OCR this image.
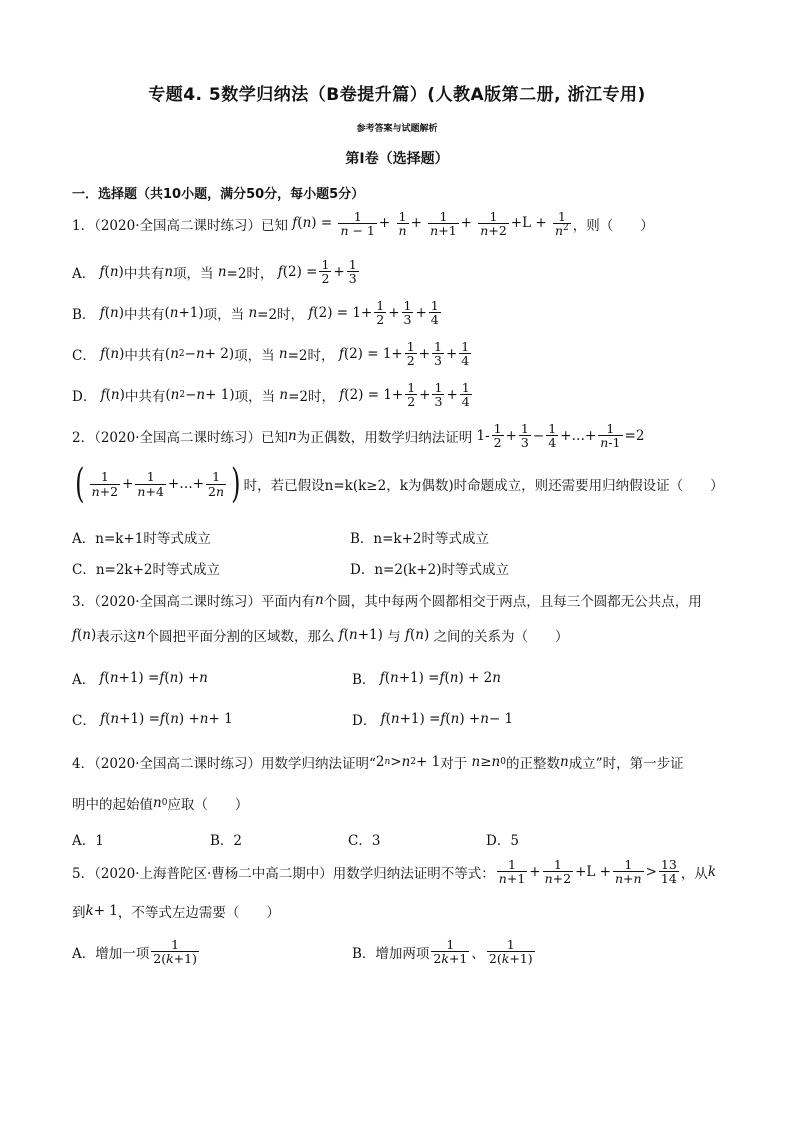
专题4. 5数学归纳法（B卷提升篇）(人教A版第二册, 浙江专用)
参考答案与试题解析
第Ⅰ卷（选择题）
一．选择题（共10小题，满分50分，每小题5分）
1．（2020·全国高二课时练习）已知 $f(n) = \frac{1}{n - 1} + \frac{1}{n} + \frac{1}{n+1} + \frac{1}{n+2} +L + \frac{1}{n^2}$ ，则（　　）
A．
f ( n ) 中共有 n 项，当
n =2时，
f $(2) = \frac{1}{2} + \frac{1}{3}$
B．
f ( n ) 中共有 ( n +1) 项，当
n =2时，
f $(2) = 1+ \frac{1}{2} + \frac{1}{3} + \frac{1}{4}$
C．
f ( n ) 中共有 ( n 2 − n + 2) 项，当
n =2时，
f $(2) = 1+ \frac{1}{2} + \frac{1}{3} + \frac{1}{4}$
D．
f ( n ) 中共有 ( n 2 − n + 1) 项，当
n =2时，
f $(2) = 1+ \frac{1}{2} + \frac{1}{3} + \frac{1}{4}$
2．（2020·全国高二课时练习）已知 n 为正偶数，用数学归纳法证明 $1- \frac{1}{2} + \frac{1}{3} - \frac{1}{4}$ +…+ $\frac{1}{n-1} =2$
( $\frac{1}{n+2} + \frac{1}{n+4}$ +…+ $\frac{1}{2n}$ ) 时，若已假设 n=k(k≥2，k为偶数)时命题成立，则还需要用归纳假设证（　　）
A．n=k+1时等式成立	B．n=k+2时等式成立
C．n=2k+2时等式成立	D．n=2(k+2)时等式成立
3．（2020·全国高二课时练习）平面内有 n 个圆，其中每两个圆都相交于两点，且每三个圆都无公共点，用
f ( n ) 表示这 n 个圆把平面分割的区域数，那么
f ( n +1) 与
f ( n ) 之间的关系为（　　）
A．
f ( n +1) = f ( n ) + n	B．
f ( n +1) = f ( n ) + 2 n
C．
f ( n +1) = f ( n ) + n + 1	D．
f ( n +1) = f ( n ) + n − 1
4．（2020·全国高二课时练习）用数学归纳法证明“ 2 n > n 2 + 1 对于
n ≥ n 0 的正整数 n 成立”时，第一步证
明中的起始值 n 0 应取（　　）
A．1	B．2	C．3	D．5
5．（2020·上海普陀区·曹杨二中高二期中）用数学归纳法证明不等式： $\frac{1}{n+1} + \frac{1}{n+2} +L + \frac{1}{n+n} > \frac{13}{14}$ ，从 k
到 k + 1 ，不等式左边需要（　　）
A．增加一项 $\frac{1}{2(k+1)}$	B．增加两项 $\frac{1}{2k+1}$ 、 $\frac{1}{2(k+1)}$
